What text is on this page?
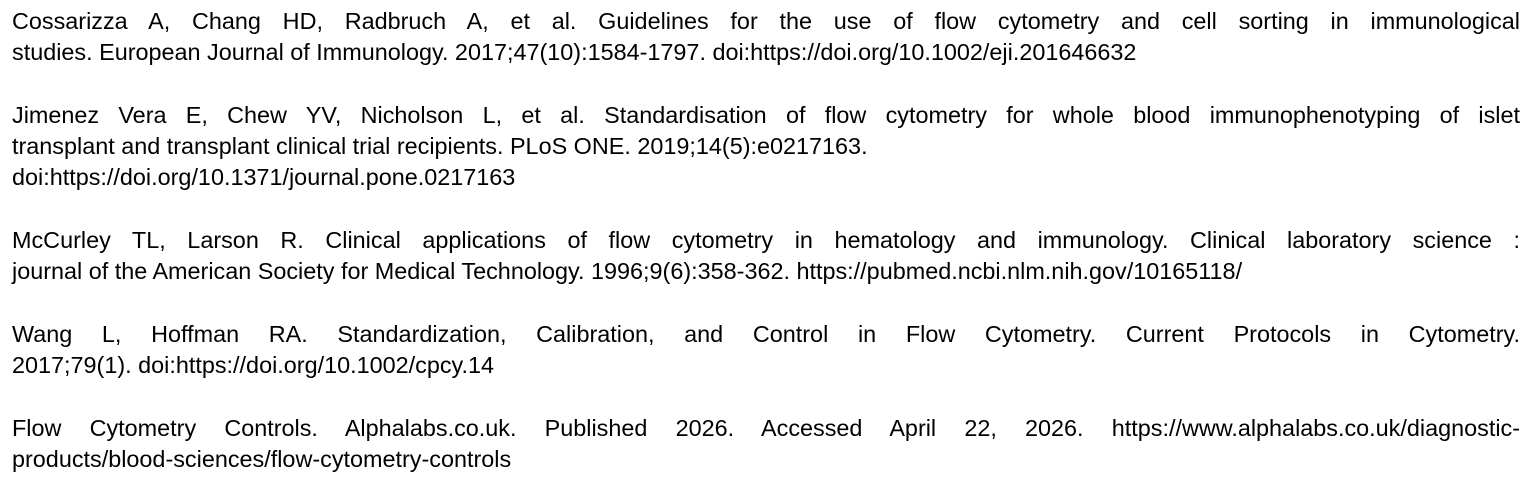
Cossarizza A, Chang HD, Radbruch A, et al. Guidelines for the use of flow cytometry and cell sorting in immunological
studies. European Journal of Immunology. 2017;47(10):1584-1797. doi:https://doi.org/10.1002/eji.201646632

Jimenez Vera E, Chew YV, Nicholson L, et al. Standardisation of flow cytometry for whole blood immunophenotyping of islet
transplant and transplant clinical trial recipients. PLoS ONE. 2019;14(5):e0217163.
doi:https://doi.org/10.1371/journal.pone.0217163

McCurley TL, Larson R. Clinical applications of flow cytometry in hematology and immunology. Clinical laboratory science :
journal of the American Society for Medical Technology. 1996;9(6):358-362. https://pubmed.ncbi.nlm.nih.gov/10165118/

Wang L, Hoffman RA. Standardization, Calibration, and Control in Flow Cytometry. Current Protocols in Cytometry.
2017;79(1). doi:https://doi.org/10.1002/cpcy.14

Flow Cytometry Controls. Alphalabs.co.uk. Published 2026. Accessed April 22, 2026. https://www.alphalabs.co.uk/diagnostic-
products/blood-sciences/flow-cytometry-controls
